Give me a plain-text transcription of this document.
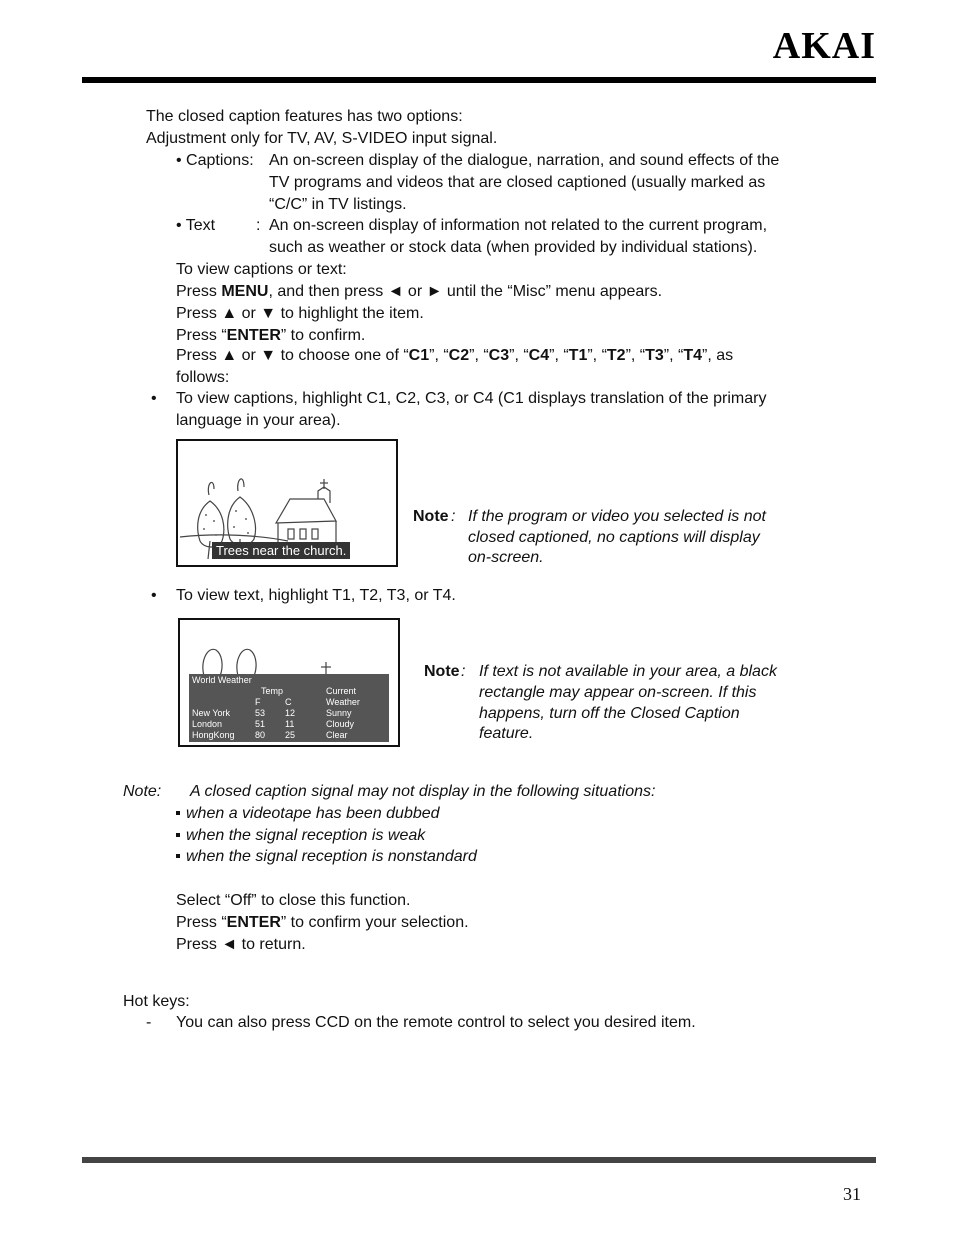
AKAI
The closed caption features has two options:
Adjustment only for TV, AV, S-VIDEO input signal.
• Captions: An on-screen display of the dialogue, narration, and sound effects of the
TV programs and videos that are closed captioned (usually marked as
“C/C” in TV listings.
• Text	: An on-screen display of information not related to the current program,
such as weather or stock data (when provided by individual stations).
To view captions or text:
Press MENU, and then press ◄ or ► until the “Misc” menu appears.
Press ▲ or ▼ to highlight the item.
Press “ENTER” to confirm.
Press ▲ or ▼ to choose one of “C1”, “C2”, “C3”, “C4”, “T1”, “T2”, “T3”, “T4”, as
follows:
• To view captions, highlight C1, C2, C3, or C4 (C1 displays translation of the primary
language in your area).
Trees near the church.
Note : If the program or video you selected is not
closed captioned, no captions will display
on-screen.
• To view text, highlight T1, T2, T3, or T4.
World Weather
Temp	Current
F	C	Weather
New York	53 12	Sunny
London	51 11	Cloudy
HongKong 80 25	Clear
Note : If text is not available in your area, a black
rectangle may appear on-screen. If this
happens, turn off the Closed Caption
feature.
Note: A closed caption signal may not display in the following situations:
when a videotape has been dubbed
when the signal reception is weak
when the signal reception is nonstandard
Select “Off” to close this function.
Press “ENTER” to confirm your selection.
Press ◄ to return.
Hot keys:
- You can also press CCD on the remote control to select you desired item.
31
